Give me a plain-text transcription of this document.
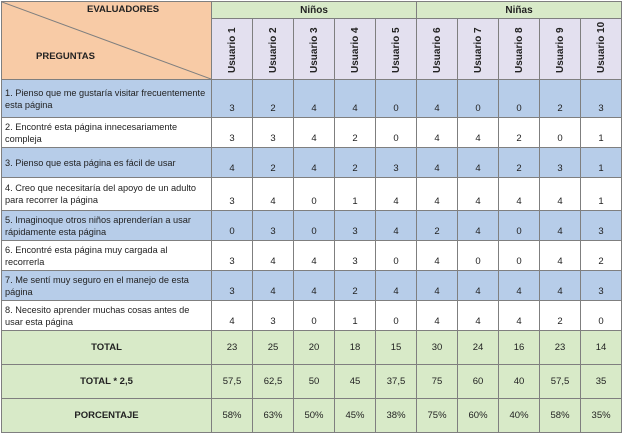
EVALUADORES
PREGUNTAS	Niños					Niñas				

	Usuario 1	Usuario 2	Usuario 3	Usuario 4	Usuario 5	Usuario 6	Usuario 7	Usuario 8	Usuario 9	Usuario 10

1. Pienso que me gustaría visitar frecuentemente esta página	3	2	4	4	0	4	0	0	2	3
2. Encontré esta página innecesariamente compleja	3	3	4	2	0	4	4	2	0	1
3. Pienso que esta página es fácil de usar	4	2	4	2	3	4	4	2	3	1
4. Creo que necesitaría del apoyo de un adulto para recorrer la página	3	4	0	1	4	4	4	4	4	1
5. Imaginoque otros niños aprenderían a usar rápidamente esta página	0	3	0	3	4	2	4	0	4	3
6. Encontré esta página muy cargada al recorrerla	3	4	4	3	0	4	0	0	4	2
7. Me sentí muy seguro en el manejo de esta página	3	4	4	2	4	4	4	4	4	3
8. Necesito aprender muchas cosas antes de usar esta página	4	3	0	1	0	4	4	4	2	0
TOTAL	23	25	20	18	15	30	24	16	23	14
TOTAL * 2,5	57,5	62,5	50	45	37,5	75	60	40	57,5	35
PORCENTAJE	58%	63%	50%	45%	38%	75%	60%	40%	58%	35%
